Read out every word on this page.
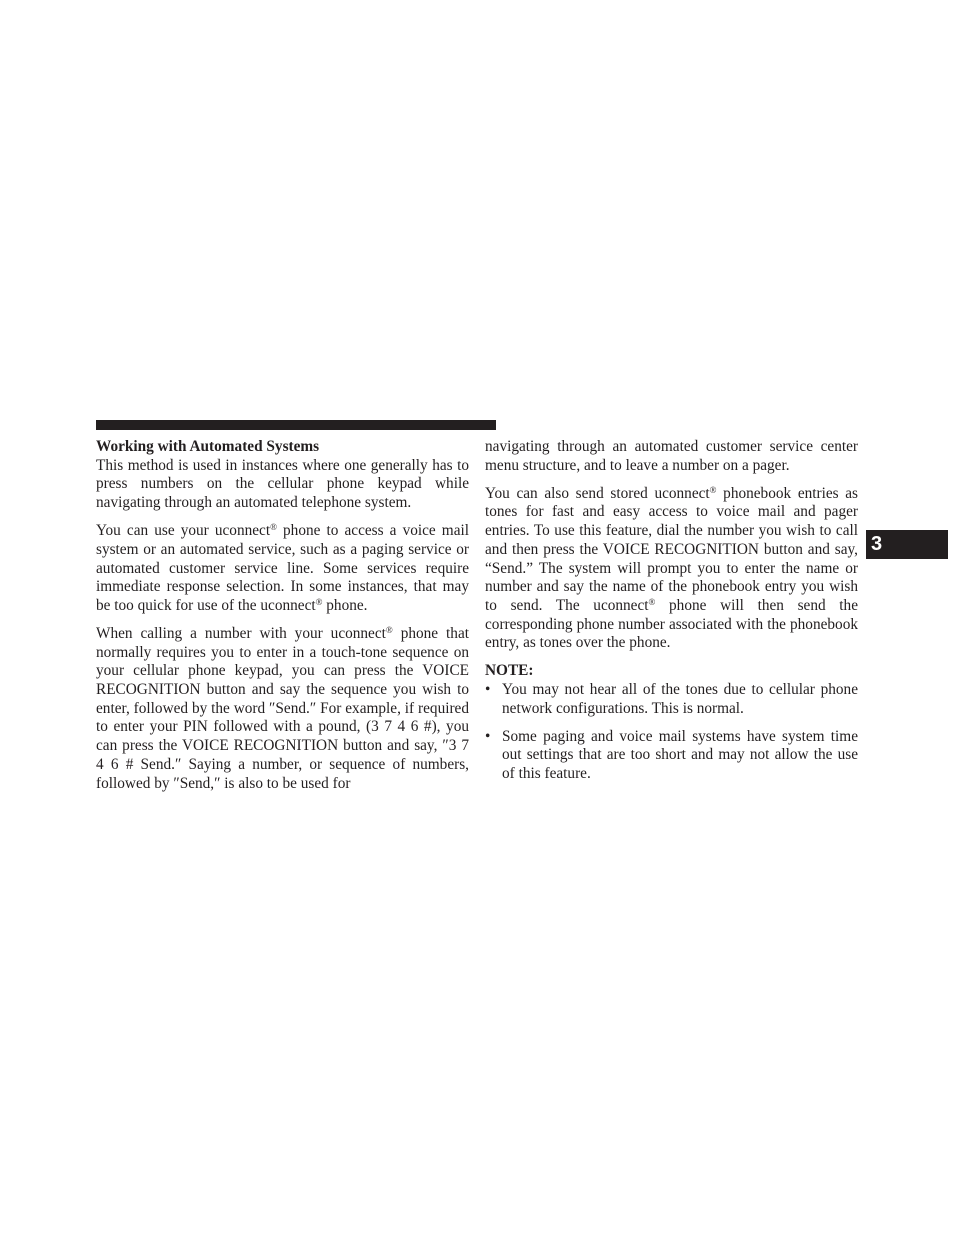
Working with Automated Systems

This method is used in instances where one generally has to press numbers on the cellular phone keypad while navigating through an automated telephone system.

You can use your uconnect® phone to access a voice mail system or an automated service, such as a paging service or automated customer service line. Some services require immediate response selection. In some instances, that may be too quick for use of the uconnect® phone.

When calling a number with your uconnect® phone that normally requires you to enter in a touch-tone sequence on your cellular phone keypad, you can press the VOICE RECOGNITION button and say the sequence you wish to enter, followed by the word ″Send.″ For example, if required to enter your PIN followed with a pound, (3 7 4 6 #), you can press the VOICE RECOGNITION button and say, ″3 7 4 6 # Send.″ Saying a number, or sequence of numbers, followed by ″Send,″ is also to be used for

navigating through an automated customer service center menu structure, and to leave a number on a pager.

You can also send stored uconnect® phonebook entries as tones for fast and easy access to voice mail and pager entries. To use this feature, dial the number you wish to call and then press the VOICE RECOGNITION button and say, “Send.” The system will prompt you to enter the name or number and say the name of the phonebook entry you wish to send. The uconnect® phone will then send the corresponding phone number associated with the phonebook entry, as tones over the phone.

NOTE:
• You may not hear all of the tones due to cellular phone network configurations. This is normal.
• Some paging and voice mail systems have system time out settings that are too short and may not allow the use of this feature.
3
